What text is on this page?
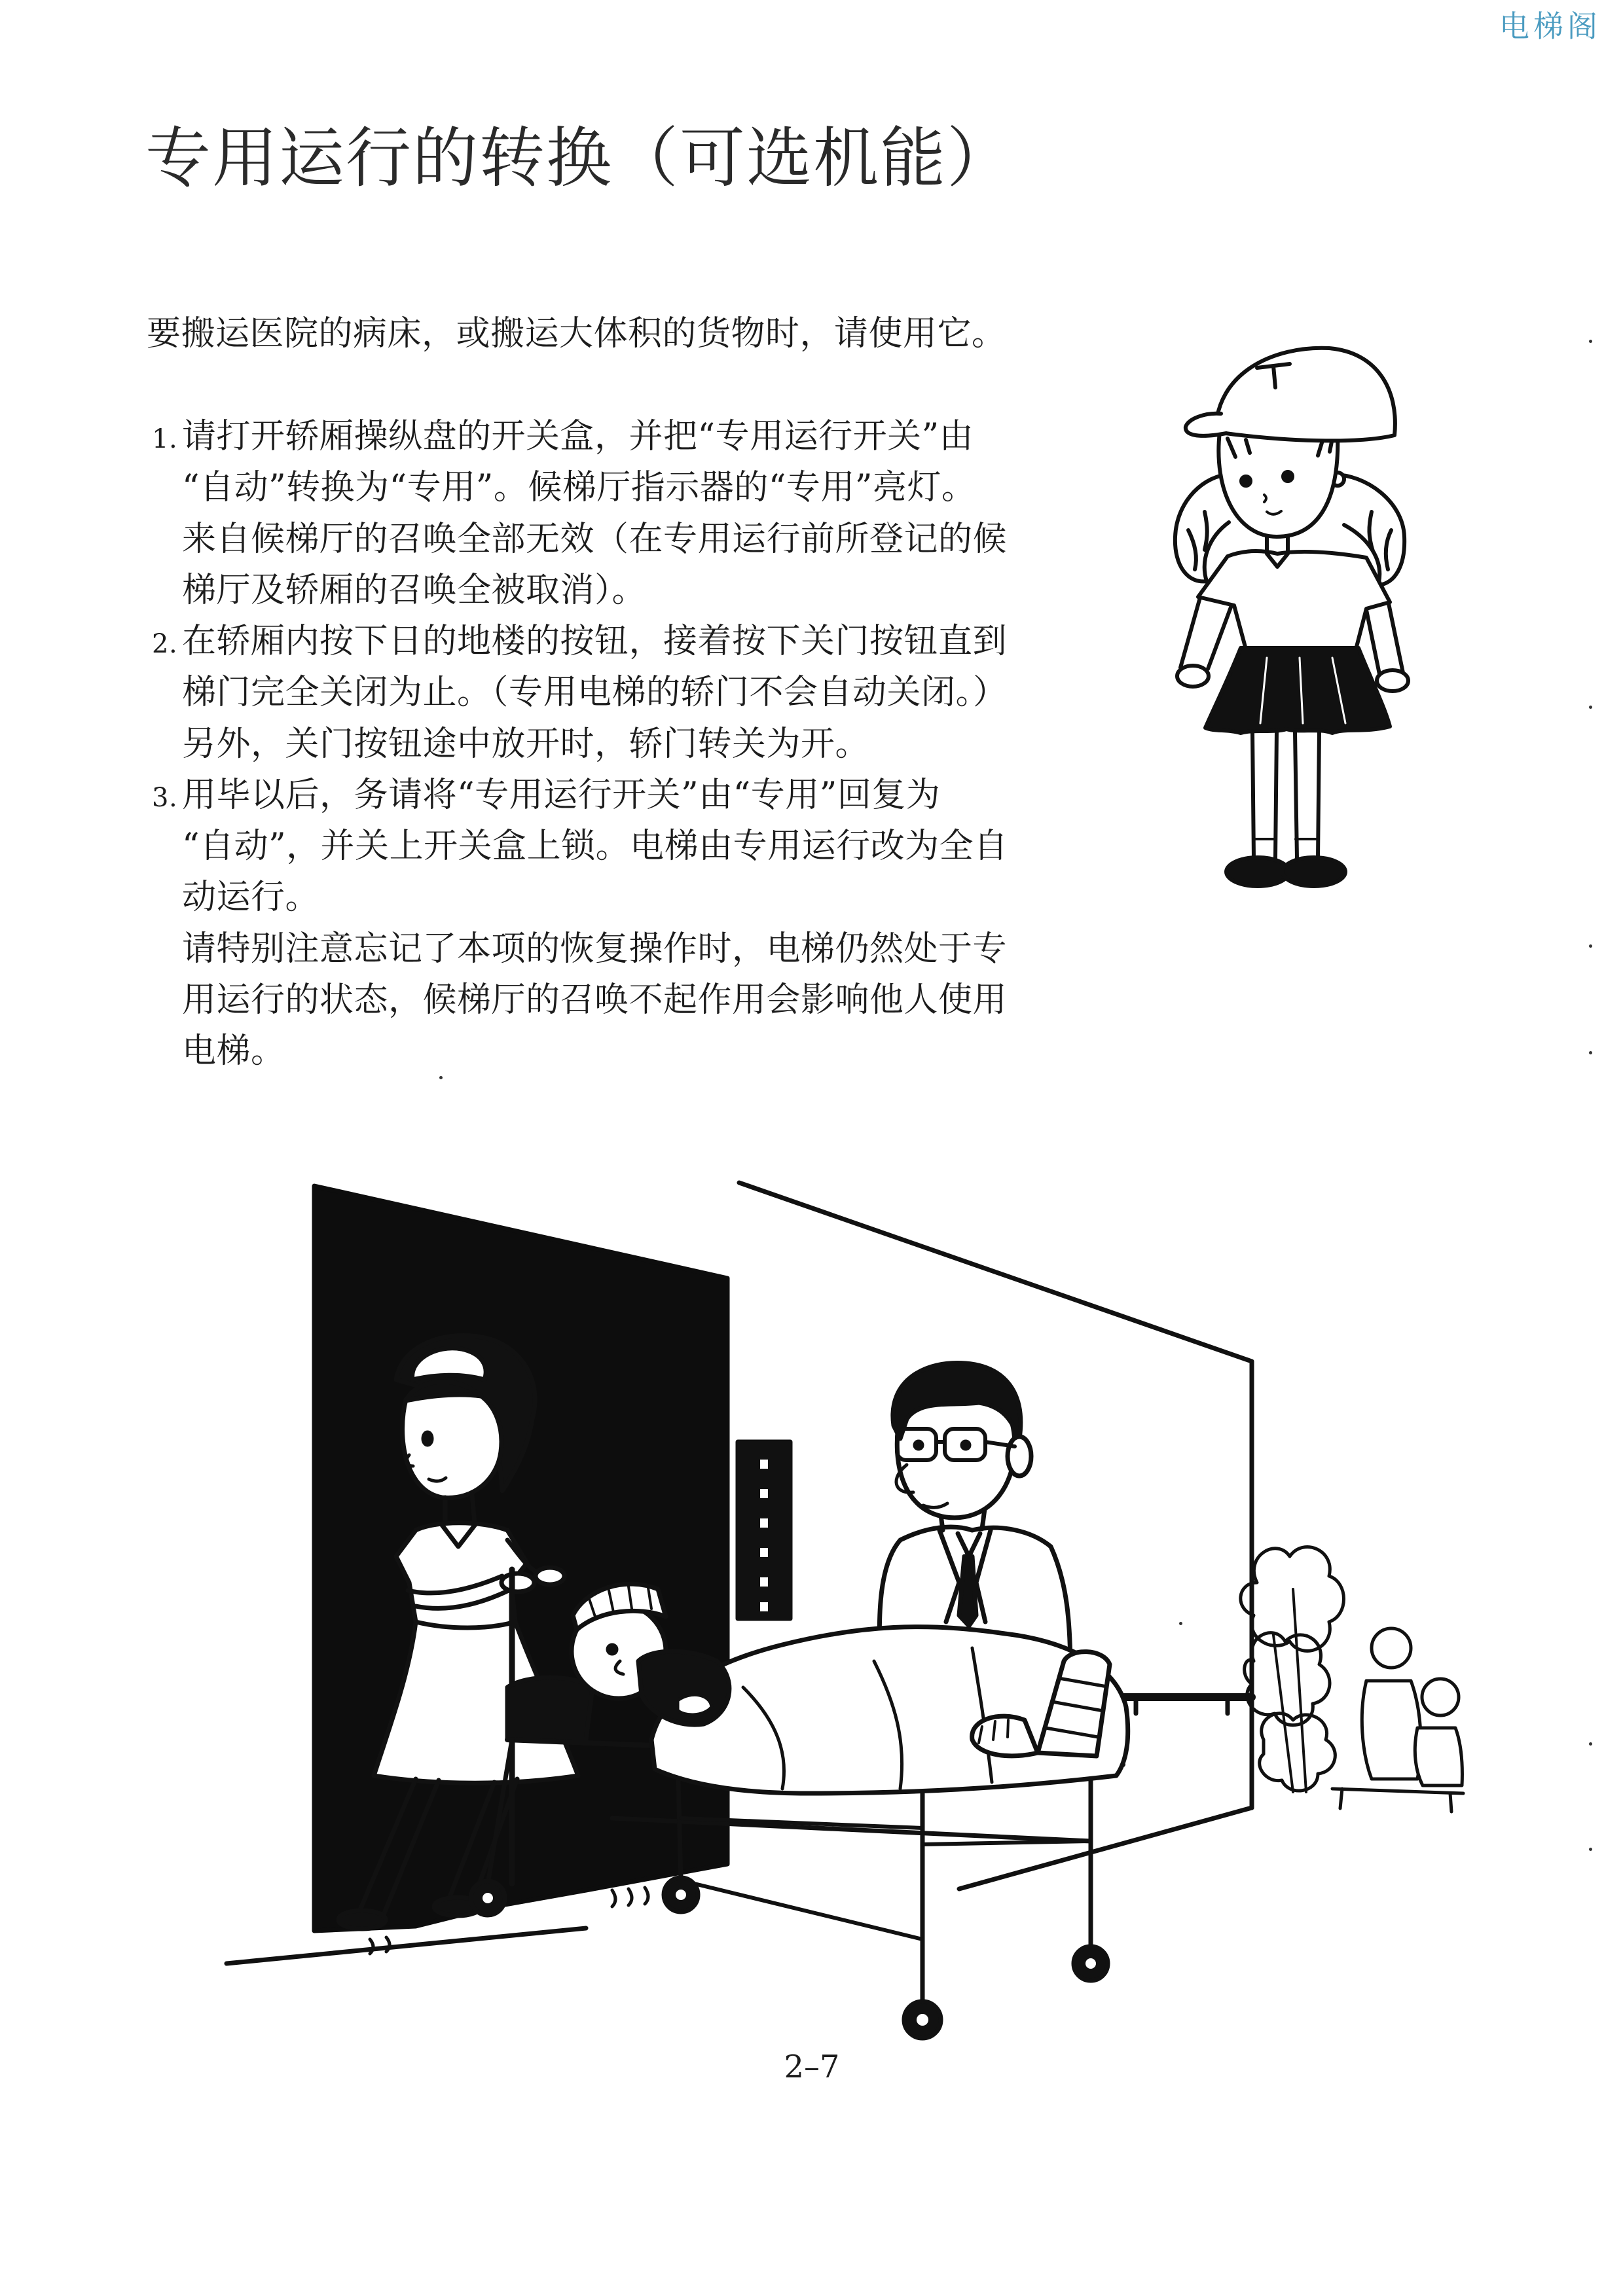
电梯阁
专用运行的转换（可选机能）
要搬运医院的病床，或搬运大体积的货物时，请使用它。
1. 请打开轿厢操纵盘的开关盒，并把“专用运行开关”由
“自动”转换为“专用”。候梯厅指示器的“专用”亮灯。
来自候梯厅的召唤全部无效（在专用运行前所登记的候
梯厅及轿厢的召唤全被取消）。
2. 在轿厢内按下日的地楼的按钮，接着按下关门按钮直到
梯门完全关闭为止。（专用电梯的轿门不会自动关闭。）
另外，关门按钮途中放开时，轿门转关为开。
3. 用毕以后，务请将“专用运行开关”由“专用”回复为
“自动”，并关上开关盒上锁。电梯由专用运行改为全自
动运行。
请特别注意忘记了本项的恢复操作时，电梯仍然处于专
用运行的状态，候梯厅的召唤不起作用会影响他人使用
电梯。
2–7
